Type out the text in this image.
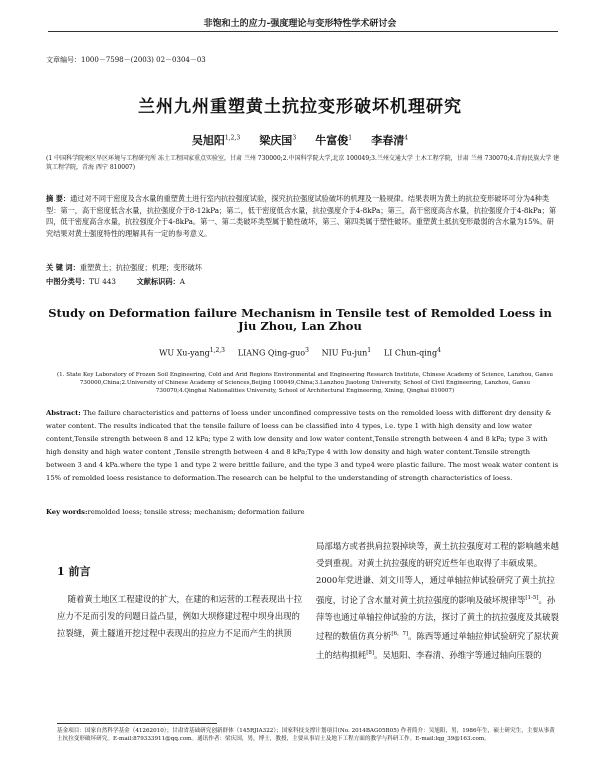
非饱和土的应力-强度理论与变形特性学术研讨会
文章编号：1000－7598－(2003) 02－0304－03
兰州九州重塑黄土抗拉变形破坏机理研究
吴旭阳$^{1,2,3}$ 梁庆国$^3$ 牛富俊$^1$ 李春清$^4$
(1 中国科学院寒区旱区环境与工程研究所 冻土工程国家重点实验室，甘肃 兰州 730000;2.中国科学院大学,北京 100049;3.兰州交通大学 土木工程学院，甘肃 兰州 730070;4.青海民族大学 建筑工程学院，青海 西宁 810007)
摘 要：通过对不同干密度及含水量的重塑黄土进行室内抗拉强度试验，探究抗拉强度试验破坏的机理及一般规律。结果表明为黄土的抗拉变形破坏可分为4种类型：第一，高干密度低含水量，抗拉强度介于8-12kPa；第二，低干密度低含水量，抗拉强度介于4-8kPa；第三，高干密度高含水量，抗拉强度介于4-8kPa；第四，低干密度高含水量，抗拉强度介于4-8kPa。第一、第二类破坏类型属于脆性破坏，第三、第四类属于塑性破坏。重塑黄土抵抗变形最弱的含水量为15%。研究结果对黄土强度特性的理解具有一定的参考意义。
关 键 词：重塑黄土；抗拉强度；机理；变形破坏
中图分类号：TU 443	文献标识码：A
Study on Deformation failure Mechanism in Tensile test of Remolded Loess in Jiu Zhou, Lan Zhou
WU Xu-yang$^{1,2,3}$ LIANG Qing-guo$^3$ NIU Fu-jun$^1$ LI Chun-qing$^4$
(1. State Key Laboratory of Frozen Soil Engineering, Cold and Arid Regions Environmental and Engineering Research Institute, Chinese Academy of Science, Lanzhou, Gansu 730000,China;2.University of Chinese Academy of Sciences,Beijing 100049,China;3.Lanzhou Jiaotong University, School of Civil Engineering, Lanzhou, Gansu 730070;4.Qinghai Nationalities University, School of Architectural Engineering, Xining, Qinghai 810007)
Abstract: The failure characteristics and patterns of loess under unconfined compressive tests on the remolded loess with different dry density & water content. The results indicated that the tensile failure of loess can be classified into 4 types, i.e. type 1 with high density and low water content,Tensile strength between 8 and 12 kPa; type 2 with low density and low water content,Tensile strength between 4 and 8 kPa; type 3 with high density and high water content ,Tensile strength between 4 and 8 kPa;Type 4 with low density and high water content.Tensile strength between 3 and 4 kPa.where the type 1 and type 2 were brittle failure, and the type 3 and type4 were plastic failure. The most weak water content is 15% of remolded loess resistance to deformation.The research can be helpful to the understanding of strength characteristics of loess.
Key words:remolded loess; tensile stress; mechanism; deformation failure
1 前言

随着黄土地区工程建设的扩大，在建的和运营的工程表现出十拉应力不足而引发的问题日益凸显，例如大坝修建过程中坝身出现的拉裂缝，黄土隧道开挖过程中表现出的拉应力不足而产生的拱顶

局部塌方或者拱肩拉裂掉块等，黄土抗拉强度对工程的影响越来越受到重视。对黄土抗拉强度的研究近些年也取得了丰硕成果。2000年党进谦、刘文川等人，通过单轴拉伸试验研究了黄土抗拉强度，讨论了含水量对黄土抗拉强度的影响及破坏规律等[1-5]。孙萍等也通过单轴拉伸试验的方法，探讨了黄土的抗拉强度及其破裂过程的数值仿真分析[6，7]。陈西等通过单轴拉伸试验研究了原状黄土的结构损耗[8]。吴旭阳、李春清、孙维宇等通过轴向压裂的
基金项目：国家自然科学基金（41262010）；甘肃省基础研究创新群体（145RJIA322）；国家科技支撑计划项目(No. 2014BAG05B05) 作者简介：吴旭阳，男，1986年生，硕士研究生，主要从事黄土抗拉变形破坏研究。E-mail:879333911@qq.com。通讯作者：梁庆国，男，博士，教授，主要从事岩土及地下工程方面的教学与科研工作。E-mail:lqg_39@163.com。
